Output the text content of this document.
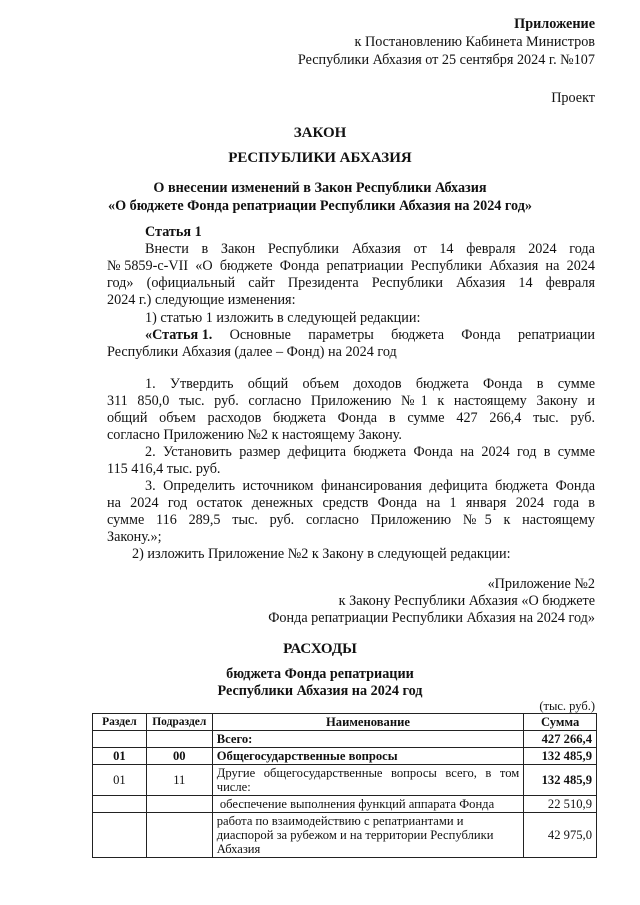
Приложение
к Постановлению Кабинета Министров
Республики Абхазия от 25 сентября 2024 г. №107
Проект
ЗАКОН
РЕСПУБЛИКИ АБХАЗИЯ
О внесении изменений в Закон Республики Абхазия
«О бюджете Фонда репатриации Республики Абхазия на 2024 год»
Статья 1
Внести в Закон Республики Абхазия от 14 февраля 2024 года
№5859-с-VII «О бюджете Фонда репатриации Республики Абхазия на 2024
год» (официальный сайт Президента Республики Абхазия 14 февраля
2024 г.) следующие изменения:
1) статью 1 изложить в следующей редакции:
«Статья 1. Основные параметры бюджета Фонда репатриации
Республики Абхазия (далее – Фонд) на 2024 год
1. Утвердить общий объем доходов бюджета Фонда в сумме
311 850,0 тыс. руб. согласно Приложению №1 к настоящему Закону и
общий объем расходов бюджета Фонда в сумме 427 266,4 тыс. руб.
согласно Приложению №2 к настоящему Закону.
2. Установить размер дефицита бюджета Фонда на 2024 год в сумме
115 416,4 тыс. руб.
3. Определить источником финансирования дефицита бюджета Фонда
на 2024 год остаток денежных средств Фонда на 1 января 2024 года в
сумме 116 289,5 тыс. руб. согласно Приложению №5 к настоящему
Закону.»;
2) изложить Приложение №2 к Закону в следующей редакции:
«Приложение №2
к Закону Республики Абхазия «О бюджете
Фонда репатриации Республики Абхазия на 2024 год»
РАСХОДЫ
бюджета Фонда репатриации
Республики Абхазия на 2024 год
(тыс. руб.)
Раздел	Подраздел	Наименование	Сумма
		Всего:	427 266,4
01	00	Общегосударственные вопросы	132 485,9
01	11	Другие общегосударственные вопросы всего, в том числе:	132 485,9
		обеспечение выполнения функций аппарата Фонда	22 510,9
		работа по взаимодействию с репатриантами и диаспорой за рубежом и на территории Республики Абхазия	42 975,0
